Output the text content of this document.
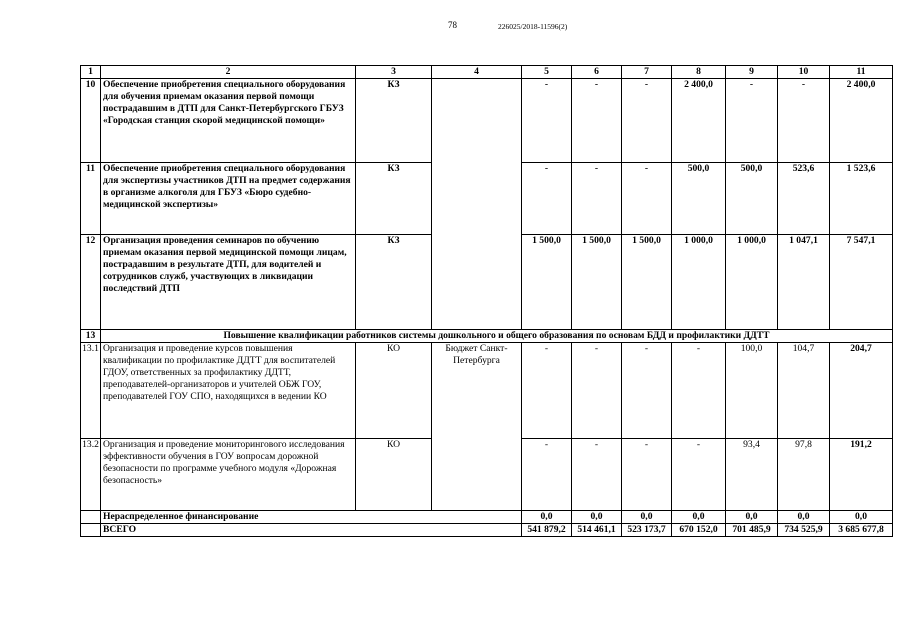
78	226025/2018-11596(2)
1	2	3	4	5	6	7	8	9	10	11
10	Обеспечение приобретения специального оборудования для обучения приемам оказания первой помощи пострадавшим в ДТП для Санкт-Петербургского ГБУЗ «Городская станция скорой медицинской помощи»	КЗ		-	-	-	2 400,0	-	-	2 400,0
11	Обеспечение приобретения специального оборудования для экспертизы участников ДТП на предмет содержания в организме алкоголя для ГБУЗ «Бюро судебно-медицинской экспертизы»	КЗ		-	-	-	500,0	500,0	523,6	1 523,6
12	Организация проведения семинаров по обучению приемам оказания первой медицинской помощи лицам, пострадавшим в результате ДТП, для водителей и сотрудников служб, участвующих в ликвидации последствий ДТП	КЗ		1 500,0	1 500,0	1 500,0	1 000,0	1 000,0	1 047,1	7 547,1
13	Повышение квалификации работников системы дошкольного и общего образования по основам БДД и профилактики ДДТТ									
13.1	Организация и проведение курсов повышения квалификации по профилактике ДДТТ для воспитателей ГДОУ, ответственных за профилактику ДДТТ, преподавателей-организаторов и учителей ОБЖ ГОУ, преподавателей ГОУ СПО, находящихся в ведении КО	КО	Бюджет Санкт-Петербурга	-	-	-	-	100,0	104,7	204,7
13.2	Организация и проведение мониторингового исследования эффективности обучения в ГОУ вопросам дорожной безопасности по программе учебного модуля «Дорожная безопасность»	КО		-	-	-	-	93,4	97,8	191,2
	Нераспределенное финансирование			0,0	0,0	0,0	0,0	0,0	0,0	0,0
	ВСЕГО			541 879,2	514 461,1	523 173,7	670 152,0	701 485,9	734 525,9	3 685 677,8
